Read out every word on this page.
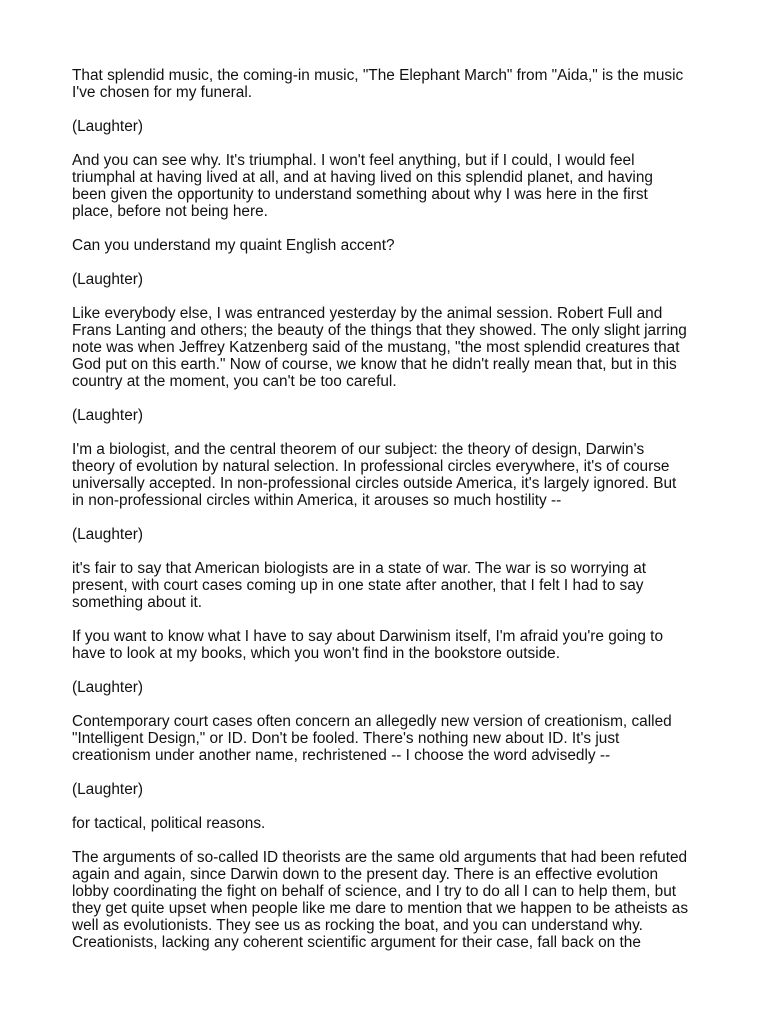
That splendid music, the coming-in music, "The Elephant March" from "Aida," is the music
I've chosen for my funeral.

(Laughter)

And you can see why. It's triumphal. I won't feel anything, but if I could, I would feel
triumphal at having lived at all, and at having lived on this splendid planet, and having
been given the opportunity to understand something about why I was here in the first
place, before not being here.

Can you understand my quaint English accent?

(Laughter)

Like everybody else, I was entranced yesterday by the animal session. Robert Full and
Frans Lanting and others; the beauty of the things that they showed. The only slight jarring
note was when Jeffrey Katzenberg said of the mustang, "the most splendid creatures that
God put on this earth." Now of course, we know that he didn't really mean that, but in this
country at the moment, you can't be too careful.

(Laughter)

I'm a biologist, and the central theorem of our subject: the theory of design, Darwin's
theory of evolution by natural selection. In professional circles everywhere, it's of course
universally accepted. In non-professional circles outside America, it's largely ignored. But
in non-professional circles within America, it arouses so much hostility --

(Laughter)

it's fair to say that American biologists are in a state of war. The war is so worrying at
present, with court cases coming up in one state after another, that I felt I had to say
something about it.

If you want to know what I have to say about Darwinism itself, I'm afraid you're going to
have to look at my books, which you won't find in the bookstore outside.

(Laughter)

Contemporary court cases often concern an allegedly new version of creationism, called
"Intelligent Design," or ID. Don't be fooled. There's nothing new about ID. It's just
creationism under another name, rechristened -- I choose the word advisedly --

(Laughter)

for tactical, political reasons.

The arguments of so-called ID theorists are the same old arguments that had been refuted
again and again, since Darwin down to the present day. There is an effective evolution
lobby coordinating the fight on behalf of science, and I try to do all I can to help them, but
they get quite upset when people like me dare to mention that we happen to be atheists as
well as evolutionists. They see us as rocking the boat, and you can understand why.
Creationists, lacking any coherent scientific argument for their case, fall back on the
